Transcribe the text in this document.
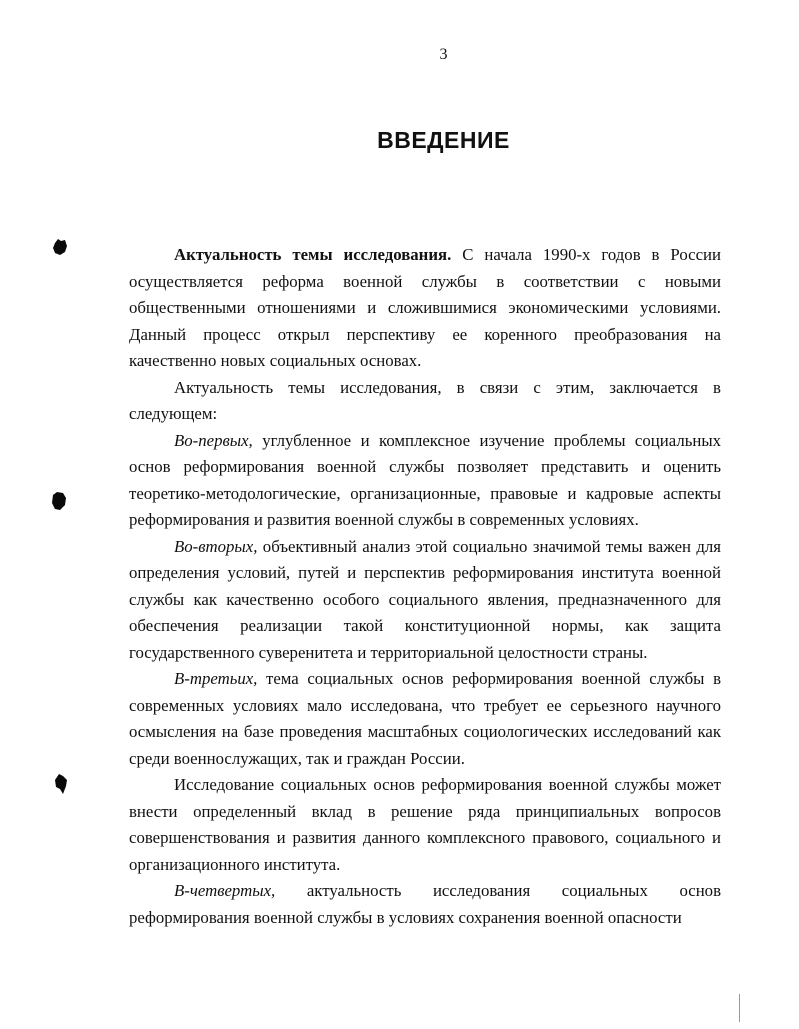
3
ВВЕДЕНИЕ

Актуальность темы исследования. С начала 1990-х годов в России осуществляется реформа военной службы в соответствии с новыми общественными отношениями и сложившимися экономическими условиями. Данный процесс открыл перспективу ее коренного преобразования на качественно новых социальных основах.

Актуальность темы исследования, в связи с этим, заключается в следующем:

Во-первых, углубленное и комплексное изучение проблемы социальных основ реформирования военной службы позволяет представить и оценить теоретико-методологические, организационные, правовые и кадровые аспекты реформирования и развития военной службы в современных условиях.

Во-вторых, объективный анализ этой социально значимой темы важен для определения условий, путей и перспектив реформирования института военной службы как качественно особого социального явления, предназначенного для обеспечения реализации такой конституционной нормы, как защита государственного суверенитета и территориальной целостности страны.

В-третьих, тема социальных основ реформирования военной службы в современных условиях мало исследована, что требует ее серьезного научного осмысления на базе проведения масштабных социологических исследований как среди военнослужащих, так и граждан России.

Исследование социальных основ реформирования военной службы может внести определенный вклад в решение ряда принципиальных вопросов совершенствования и развития данного комплексного правового, социального и организационного института.

В-четвертых, актуальность исследования социальных основ реформирования военной службы в условиях сохранения военной опасности
